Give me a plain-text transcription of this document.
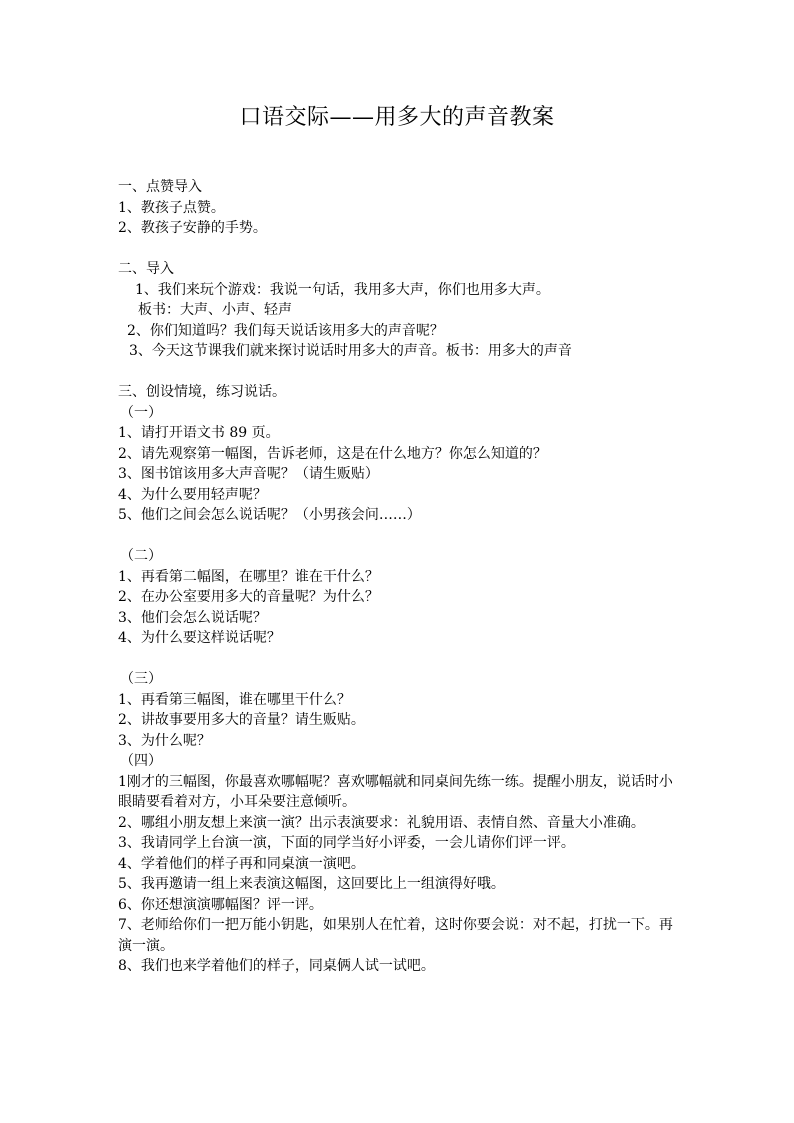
口语交际——用多大的声音教案
一、点赞导入
1、教孩子点赞。
2、教孩子安静的手势。
二、导入
1、我们来玩个游戏：我说一句话，我用多大声，你们也用多大声。
板书：大声、小声、轻声
2、你们知道吗？我们每天说话该用多大的声音呢？
3、今天这节课我们就来探讨说话时用多大的声音。板书：用多大的声音
三、创设情境，练习说话。
（一）
1、请打开语文书 89 页。
2、请先观察第一幅图，告诉老师，这是在什么地方？你怎么知道的？
3、图书馆该用多大声音呢？（请生贩贴）
4、为什么要用轻声呢？
5、他们之间会怎么说话呢？（小男孩会问……）
（二）
1、再看第二幅图，在哪里？谁在干什么？
2、在办公室要用多大的音量呢？为什么？
3、他们会怎么说话呢？
4、为什么要这样说话呢？
（三）
1、再看第三幅图，谁在哪里干什么？
2、讲故事要用多大的音量？请生贩贴。
3、为什么呢？
（四）
1刚才的三幅图，你最喜欢哪幅呢？喜欢哪幅就和同桌间先练一练。提醒小朋友，说话时小眼睛要看着对方，小耳朵要注意倾听。
2、哪组小朋友想上来演一演？出示表演要求：礼貌用语、表情自然、音量大小准确。
3、我请同学上台演一演，下面的同学当好小评委，一会儿请你们评一评。
4、学着他们的样子再和同桌演一演吧。
5、我再邀请一组上来表演这幅图，这回要比上一组演得好哦。
6、你还想演演哪幅图？评一评。
7、老师给你们一把万能小钥匙，如果别人在忙着，这时你要会说：对不起，打扰一下。再演一演。
8、我们也来学着他们的样子，同桌俩人试一试吧。
